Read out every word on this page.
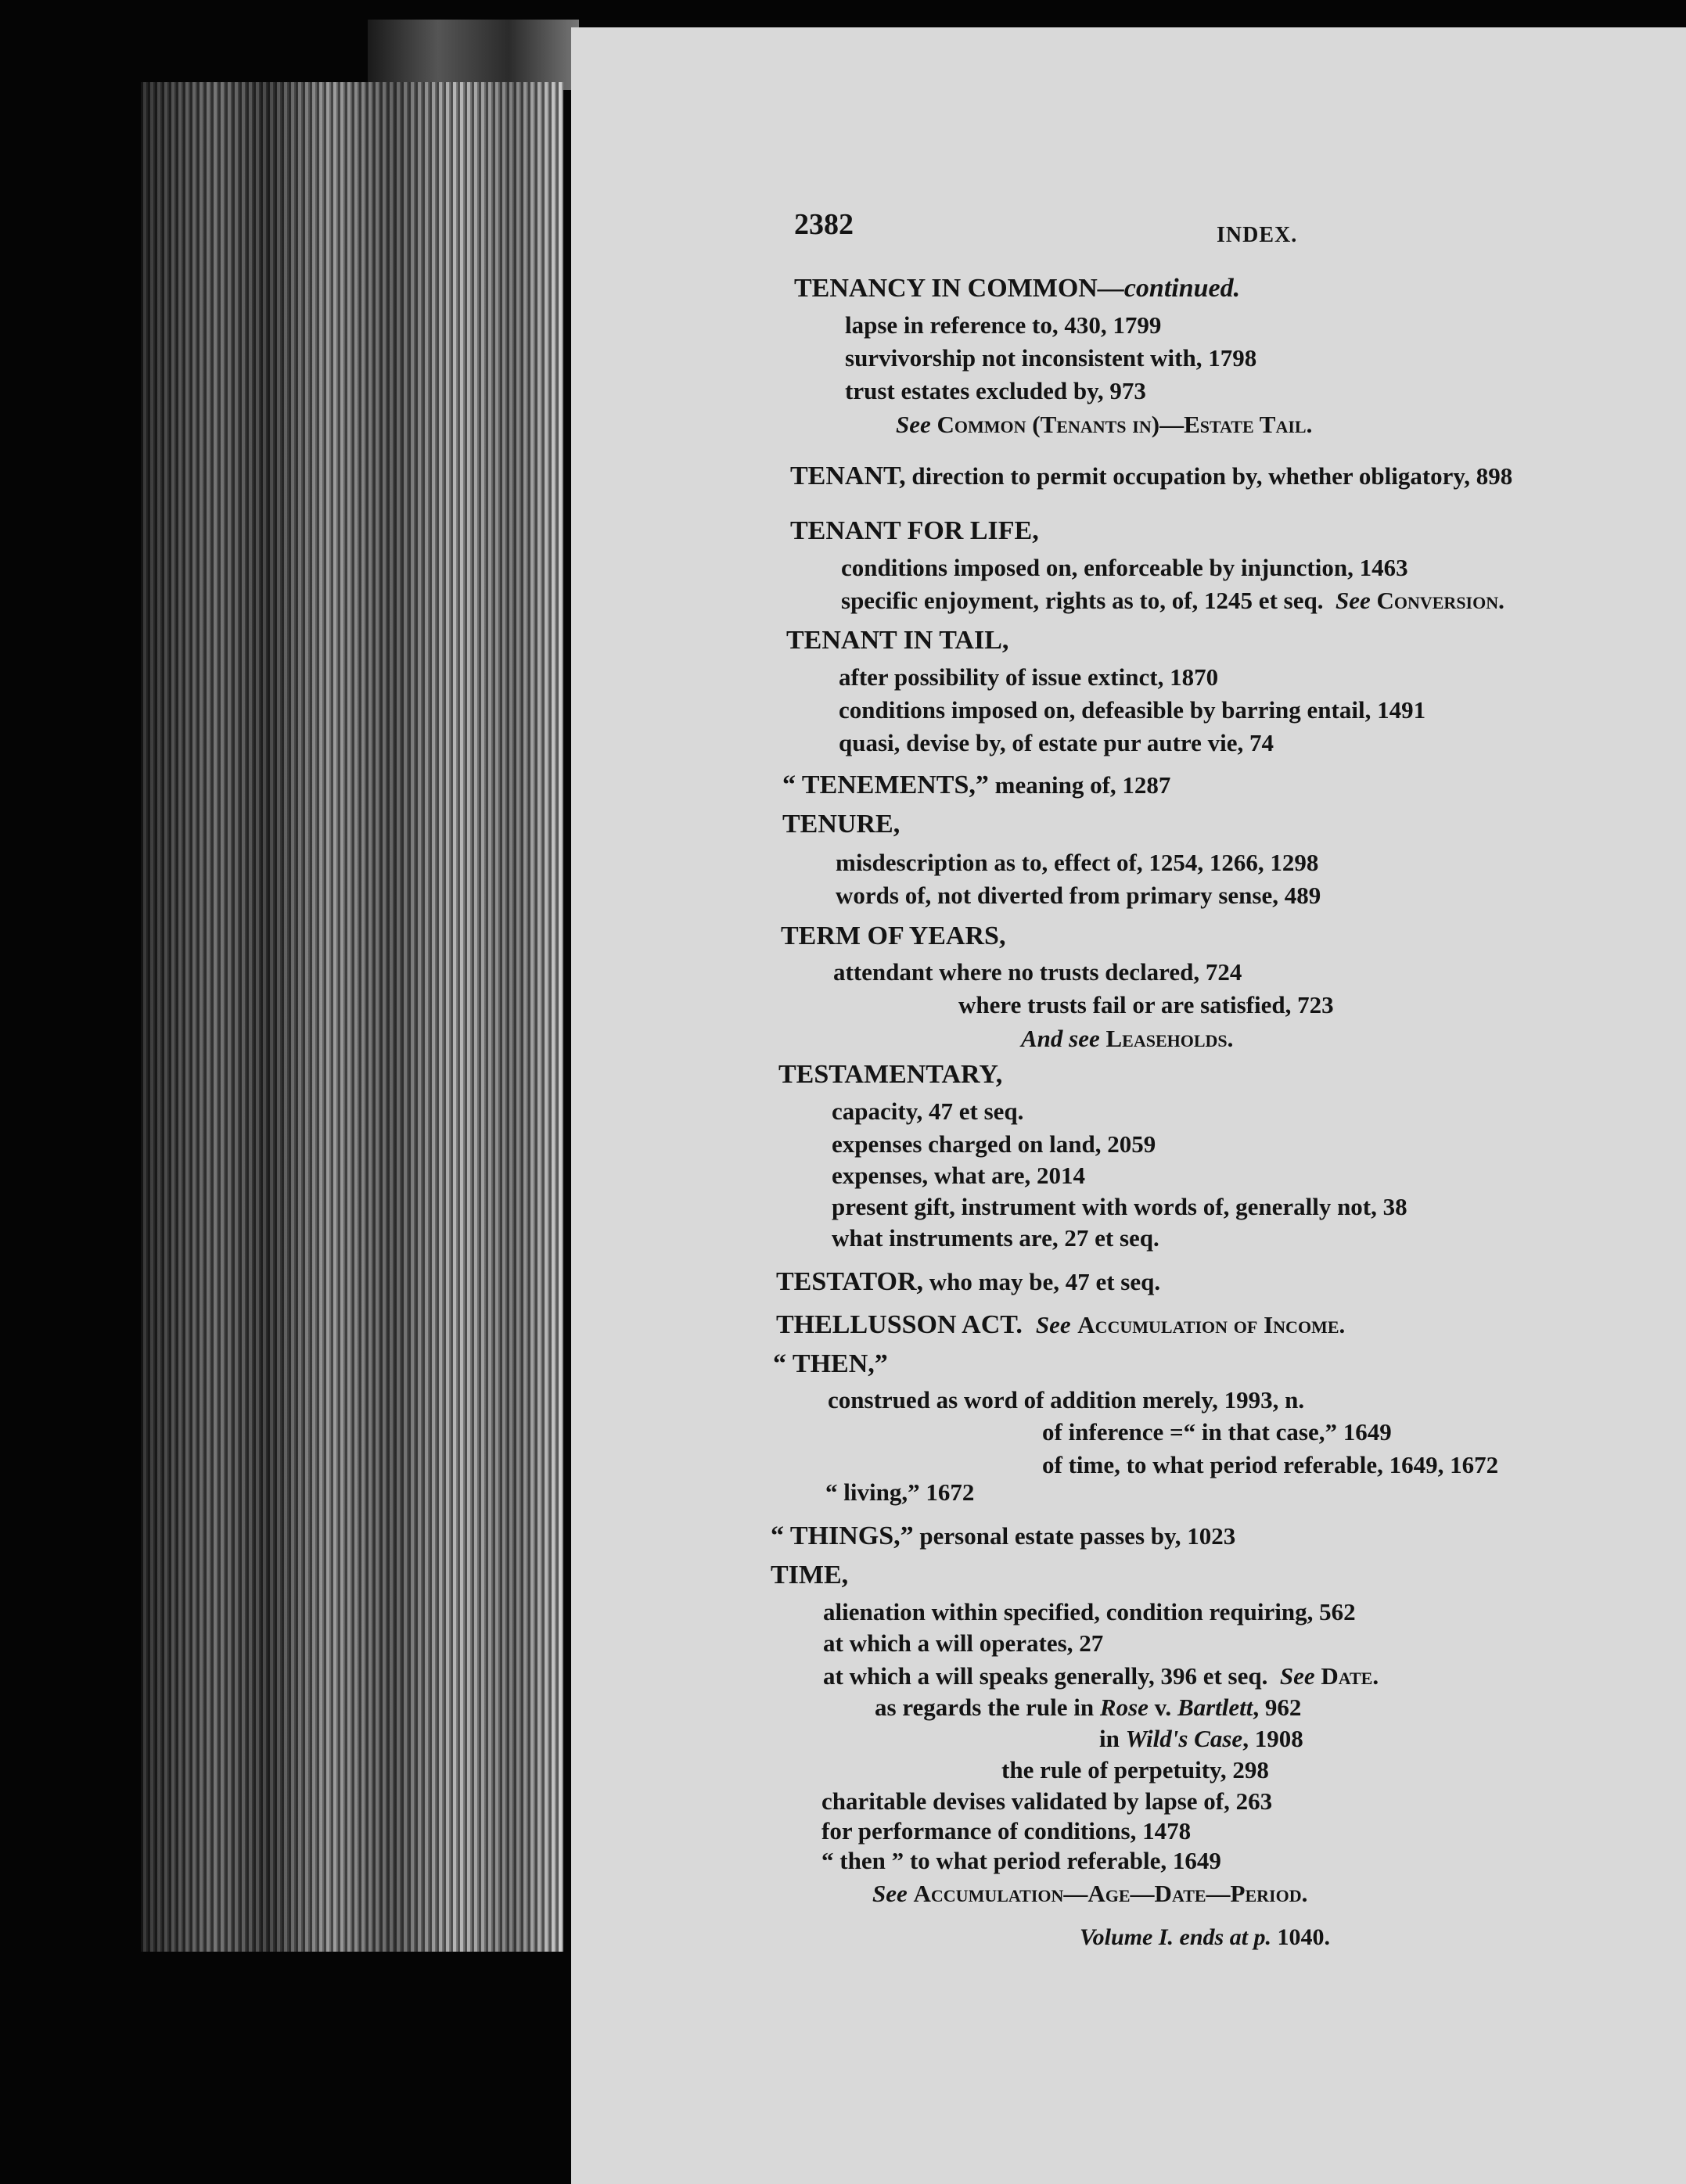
2382	INDEX.
TENANCY IN COMMON—continued.
lapse in reference to, 430, 1799
survivorship not inconsistent with, 1798
trust estates excluded by, 973
See Common (Tenants in)—Estate Tail.
TENANT, direction to permit occupation by, whether obligatory, 898
TENANT FOR LIFE,
conditions imposed on, enforceable by injunction, 1463
specific enjoyment, rights as to, of, 1245 et seq. See Conversion.
TENANT IN TAIL,
after possibility of issue extinct, 1870
conditions imposed on, defeasible by barring entail, 1491
quasi, devise by, of estate pur autre vie, 74
“ TENEMENTS,” meaning of, 1287
TENURE,
misdescription as to, effect of, 1254, 1266, 1298
words of, not diverted from primary sense, 489
TERM OF YEARS,
attendant where no trusts declared, 724
where trusts fail or are satisfied, 723
And see Leaseholds.
TESTAMENTARY,
capacity, 47 et seq.
expenses charged on land, 2059
expenses, what are, 2014
present gift, instrument with words of, generally not, 38
what instruments are, 27 et seq.
TESTATOR, who may be, 47 et seq.
THELLUSSON ACT. See Accumulation of Income.
“ THEN,”
construed as word of addition merely, 1993, n.
of inference =“ in that case,” 1649
of time, to what period referable, 1649, 1672
“ living,” 1672
“ THINGS,” personal estate passes by, 1023
TIME,
alienation within specified, condition requiring, 562
at which a will operates, 27
at which a will speaks generally, 396 et seq. See Date.
as regards the rule in Rose v. Bartlett, 962
in Wild's Case, 1908
the rule of perpetuity, 298
charitable devises validated by lapse of, 263
for performance of conditions, 1478
“ then ” to what period referable, 1649
See Accumulation—Age—Date—Period.
Volume I. ends at p. 1040.
